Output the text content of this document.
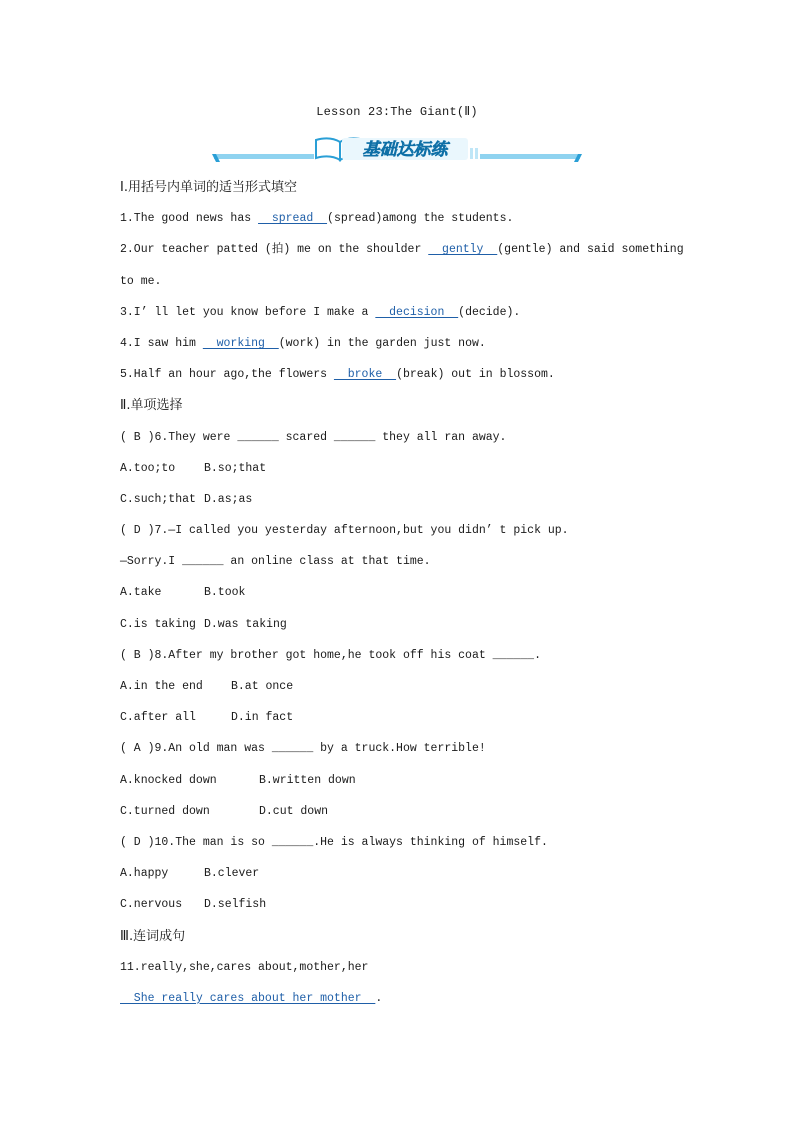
Lesson 23:The Giant(Ⅱ)
基础达标练
Ⅰ.用括号内单词的适当形式填空
1.The good news has   spread  (spread)among the students.
2.Our teacher patted (拍) me on the shoulder   gently  (gentle) and said something
to me.
3.I’ ll let you know before I make a   decision  (decide).
4.I saw him   working  (work) in the garden just now.
5.Half an hour ago,the flowers   broke  (break) out in blossom.
Ⅱ.单项选择
( B )6.They were ______ scared ______ they all ran away.
A.too;to	B.so;that
C.such;that D.as;as
( D )7.—I called you yesterday afternoon,but you didn’ t pick up.
—Sorry.I ______ an online class at that time.
A.take	B.took
C.is taking D.was taking
( B )8.After my brother got home,he took off his coat ______.
A.in the end B.at once
C.after all	D.in fact
( A )9.An old man was ______ by a truck.How terrible!
A.knocked down	B.written down
C.turned down	D.cut down
( D )10.The man is so ______.He is always thinking of himself.
A.happy	B.clever
C.nervous D.selfish
Ⅲ.连词成句
11.really,she,cares about,mother,her
She really cares about her mother  .
